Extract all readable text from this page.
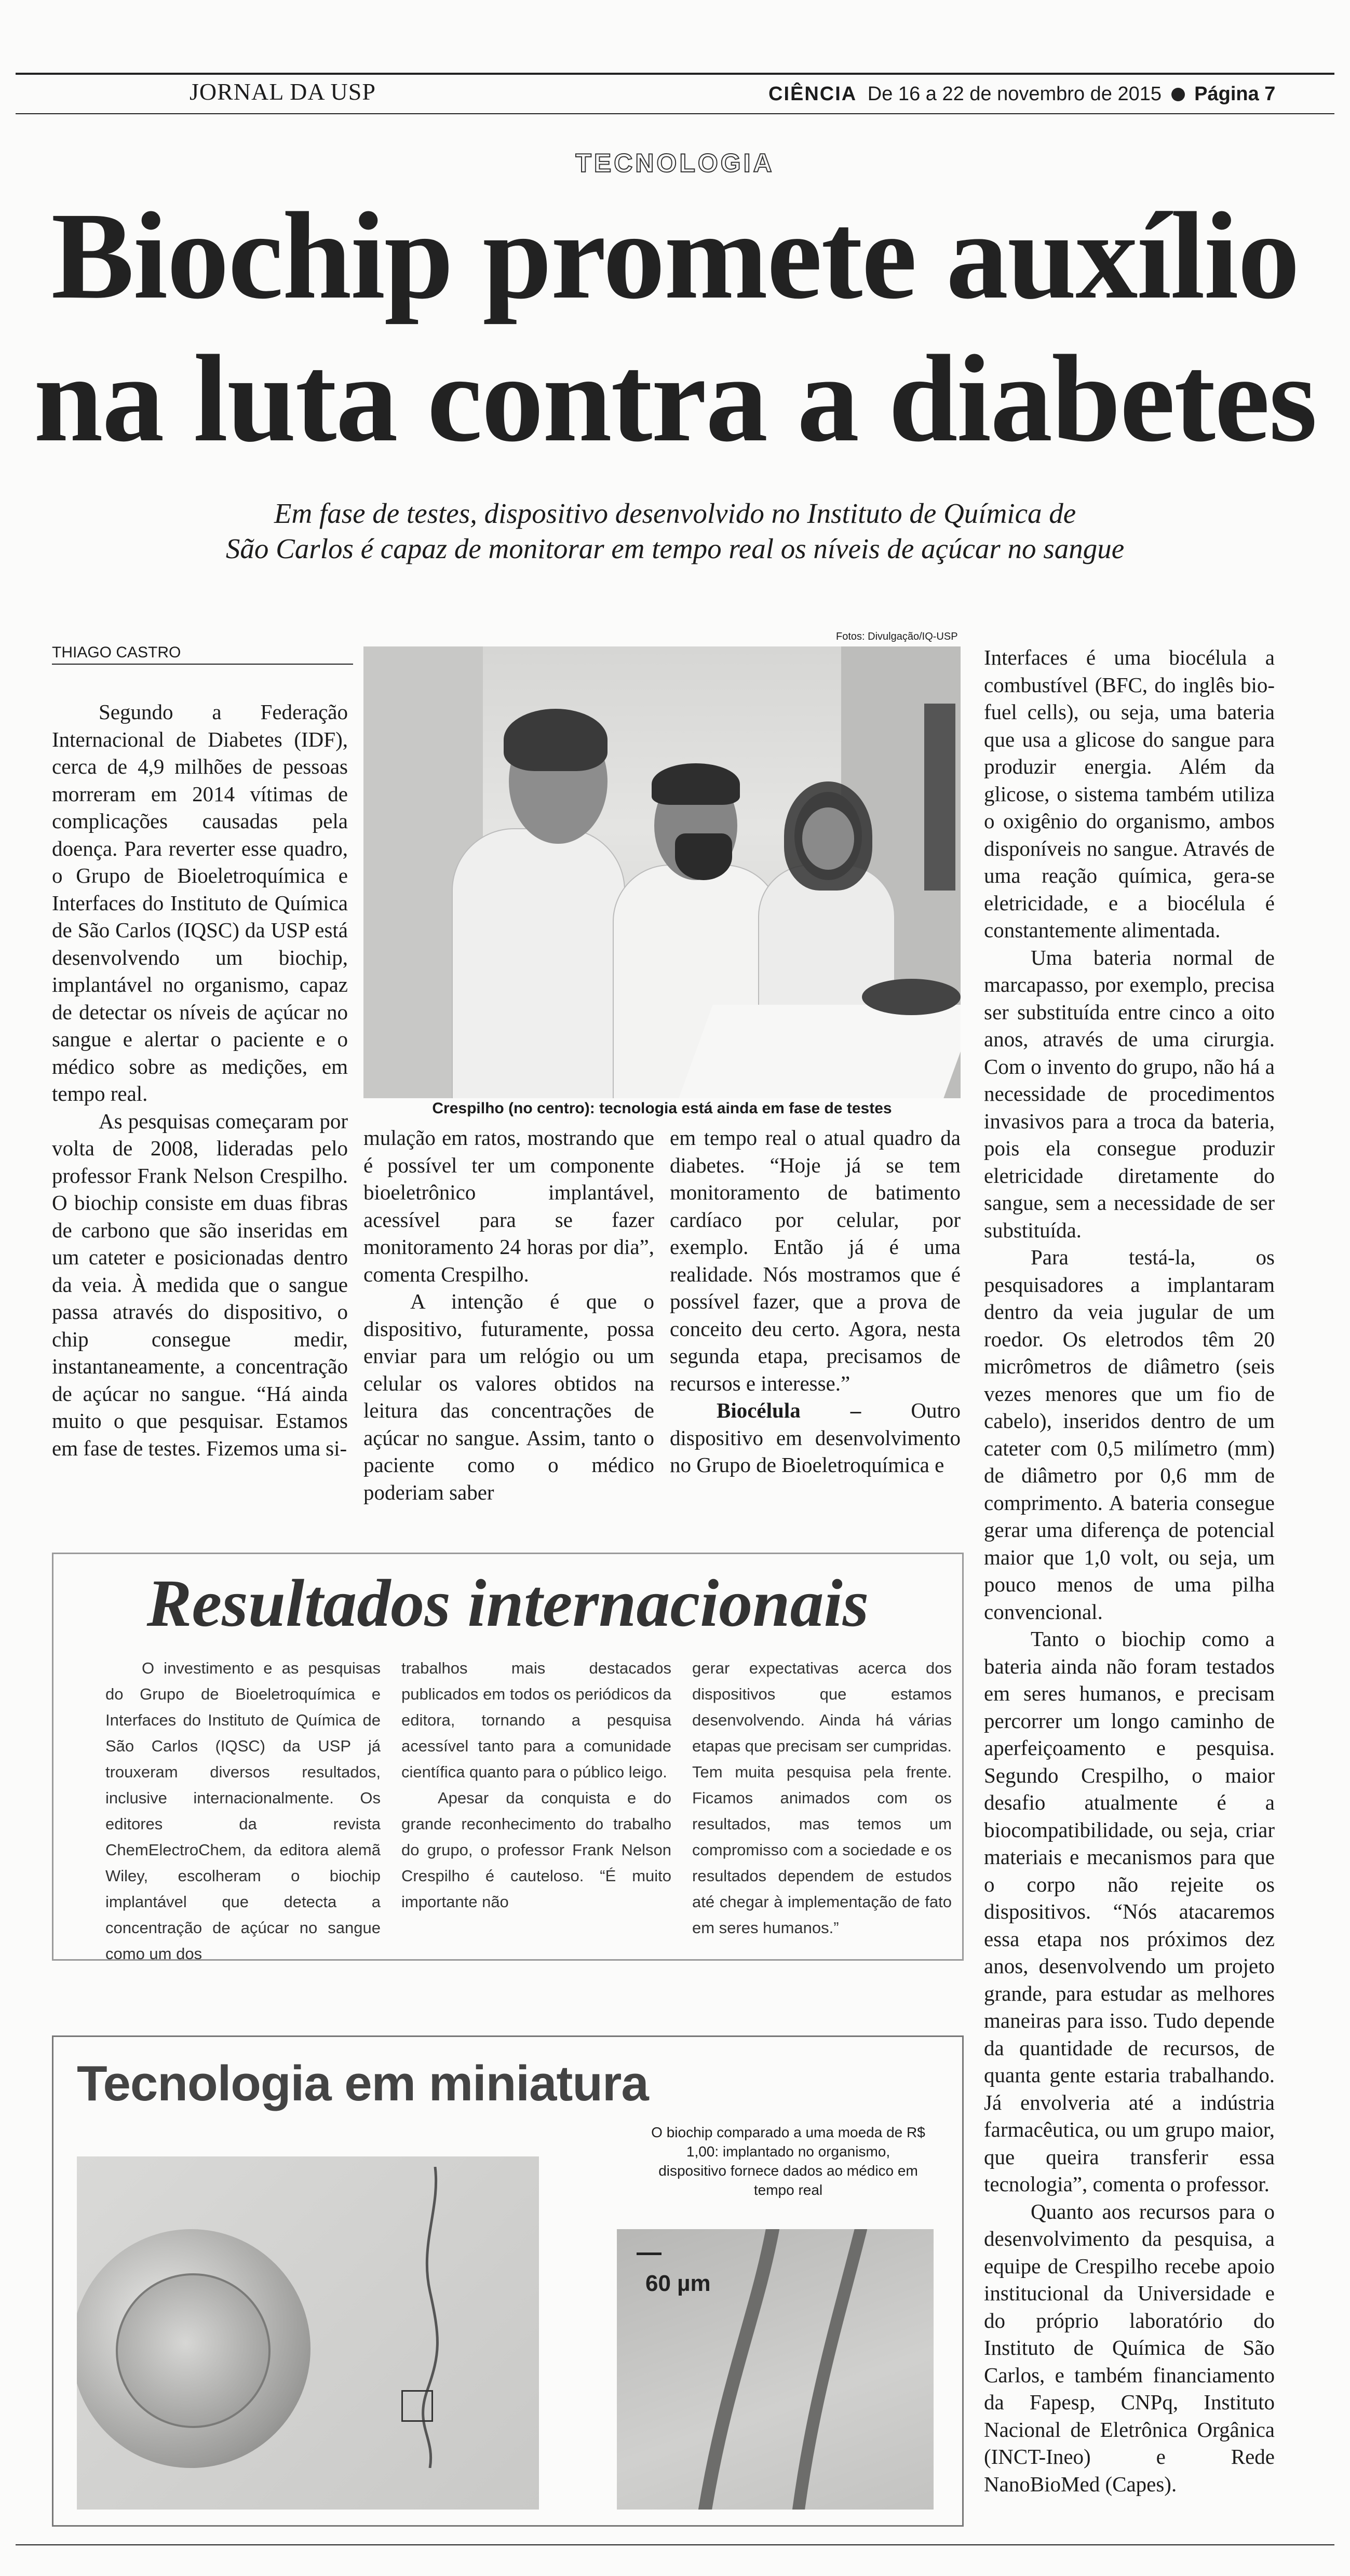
JORNAL DA USP	CIÊNCIA De 16 a 22 de novembro de 2015 Página 7
TECNOLOGIA
Biochip promete auxílio
na luta contra a diabetes
Em fase de testes, dispositivo desenvolvido no Instituto de Química de
São Carlos é capaz de monitorar em tempo real os níveis de açúcar no sangue
THIAGO CASTRO
Fotos: Divulgação/IQ-USP
Crespilho (no centro): tecnologia está ainda em fase de testes

Segundo a Federação Internacional de Diabetes (IDF), cerca de 4,9 milhões de pessoas morreram em 2014 vítimas de complicações causadas pela doença. Para reverter esse quadro, o Grupo de Bioeletroquímica e Interfaces do Instituto de Química de São Carlos (IQSC) da USP está desenvolvendo um biochip, implantável no organismo, capaz de detectar os níveis de açúcar no sangue e alertar o paciente e o médico sobre as medições, em tempo real.

As pesquisas começaram por volta de 2008, lideradas pelo professor Frank Nelson Crespilho. O biochip consiste em duas fibras de carbono que são inseridas em um cateter e posicionadas dentro da veia. À medida que o sangue passa através do dispositivo, o chip consegue medir, instantaneamente, a concentração de açúcar no sangue. “Há ainda muito o que pesquisar. Estamos em fase de testes. Fizemos uma si-

mulação em ratos, mostrando que é possível ter um componente bioeletrônico implantável, acessível para se fazer monitoramento 24 horas por dia”, comenta Crespilho.

A intenção é que o dispositivo, futuramente, possa enviar para um relógio ou um celular os valores obtidos na leitura das concentrações de açúcar no sangue. Assim, tanto o paciente como o médico poderiam saber

em tempo real o atual quadro da diabetes. “Hoje já se tem monitoramento de batimento cardíaco por celular, por exemplo. Então já é uma realidade. Nós mostramos que é possível fazer, que a prova de conceito deu certo. Agora, nesta segunda etapa, precisamos de recursos e interesse.”

Biocélula – Outro dispositivo em desenvolvimento no Grupo de Bioeletroquímica e

Interfaces é uma biocélula a combustível (BFC, do inglês bio-fuel cells), ou seja, uma bateria que usa a glicose do sangue para produzir energia. Além da glicose, o sistema também utiliza o oxigênio do organismo, ambos disponíveis no sangue. Através de uma reação química, gera-se eletricidade, e a biocélula é constantemente alimentada.

Uma bateria normal de marcapasso, por exemplo, precisa ser substituída entre cinco a oito anos, através de uma cirurgia. Com o invento do grupo, não há a necessidade de procedimentos invasivos para a troca da bateria, pois ela consegue produzir eletricidade diretamente do sangue, sem a necessidade de ser substituída.

Para testá-la, os pesquisadores a implantaram dentro da veia jugular de um roedor. Os eletrodos têm 20 micrômetros de diâmetro (seis vezes menores que um fio de cabelo), inseridos dentro de um cateter com 0,5 milímetro (mm) de diâmetro por 0,6 mm de comprimento. A bateria consegue gerar uma diferença de potencial maior que 1,0 volt, ou seja, um pouco menos de uma pilha convencional.

Tanto o biochip como a bateria ainda não foram testados em seres humanos, e precisam percorrer um longo caminho de aperfeiçoamento e pesquisa. Segundo Crespilho, o maior desafio atualmente é a biocompatibilidade, ou seja, criar materiais e mecanismos para que o corpo não rejeite os dispositivos. “Nós atacaremos essa etapa nos próximos dez anos, desenvolvendo um projeto grande, para estudar as melhores maneiras para isso. Tudo depende da quantidade de recursos, de quanta gente estaria trabalhando. Já envolveria até a indústria farmacêutica, ou um grupo maior, que queira transferir essa tecnologia”, comenta o professor.

Quanto aos recursos para o desenvolvimento da pesquisa, a equipe de Crespilho recebe apoio institucional da Universidade e do próprio laboratório do Instituto de Química de São Carlos, e também financiamento da Fapesp, CNPq, Instituto Nacional de Eletrônica Orgânica (INCT-Ineo) e Rede NanoBioMed (Capes).

Resultados internacionais

O investimento e as pesquisas do Grupo de Bioeletroquímica e Interfaces do Instituto de Química de São Carlos (IQSC) da USP já trouxeram diversos resultados, inclusive internacionalmente. Os editores da revista ChemElectroChem, da editora alemã Wiley, escolheram o biochip implantável que detecta a concentração de açúcar no sangue como um dos

trabalhos mais destacados publicados em todos os periódicos da editora, tornando a pesquisa acessível tanto para a comunidade científica quanto para o público leigo.

Apesar da conquista e do grande reconhecimento do trabalho do grupo, o professor Frank Nelson Crespilho é cauteloso. “É muito importante não

gerar expectativas acerca dos dispositivos que estamos desenvolvendo. Ainda há várias etapas que precisam ser cumpridas. Tem muita pesquisa pela frente. Ficamos animados com os resultados, mas temos um compromisso com a sociedade e os resultados dependem de estudos até chegar à implementação de fato em seres humanos.”

Tecnologia em miniatura
O biochip comparado a uma moeda de R$ 1,00: implantado no organismo, dispositivo fornece dados ao médico em tempo real
60 µm
